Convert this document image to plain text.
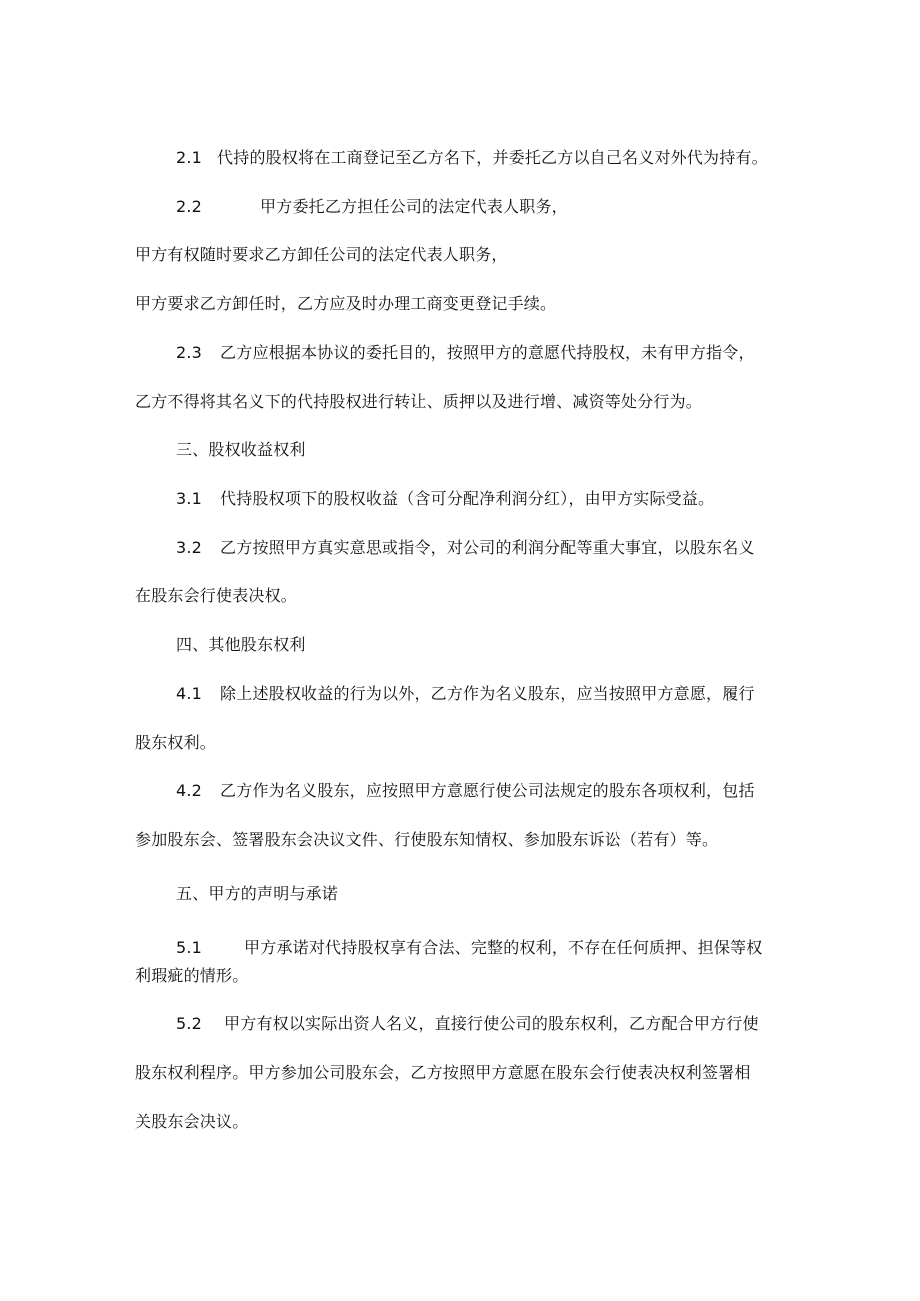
2.1 代持的股权将在工商登记至乙方名下，并委托乙方以自己名义对外代为持有。
2.2	甲方委托乙方担任公司的法定代表人职务，
甲方有权随时要求乙方卸任公司的法定代表人职务，
甲方要求乙方卸任时，乙方应及时办理工商变更登记手续。
2.3 乙方应根据本协议的委托目的，按照甲方的意愿代持股权，未有甲方指令，
乙方不得将其名义下的代持股权进行转让、质押以及进行增、减资等处分行为。
三、股权收益权利
3.1 代持股权项下的股权收益（含可分配净利润分红），由甲方实际受益。
3.2 乙方按照甲方真实意思或指令，对公司的利润分配等重大事宜，以股东名义
在股东会行使表决权。
四、其他股东权利
4.1 除上述股权收益的行为以外，乙方作为名义股东，应当按照甲方意愿，履行
股东权利。
4.2 乙方作为名义股东，应按照甲方意愿行使公司法规定的股东各项权利，包括
参加股东会、签署股东会决议文件、行使股东知情权、参加股东诉讼（若有）等。
五、甲方的声明与承诺
5.1	甲方承诺对代持股权享有合法、完整的权利，不存在任何质押、担保等权
利瑕疵的情形。
5.2 甲方有权以实际出资人名义，直接行使公司的股东权利，乙方配合甲方行使
股东权利程序。甲方参加公司股东会，乙方按照甲方意愿在股东会行使表决权利签署相
关股东会决议。
